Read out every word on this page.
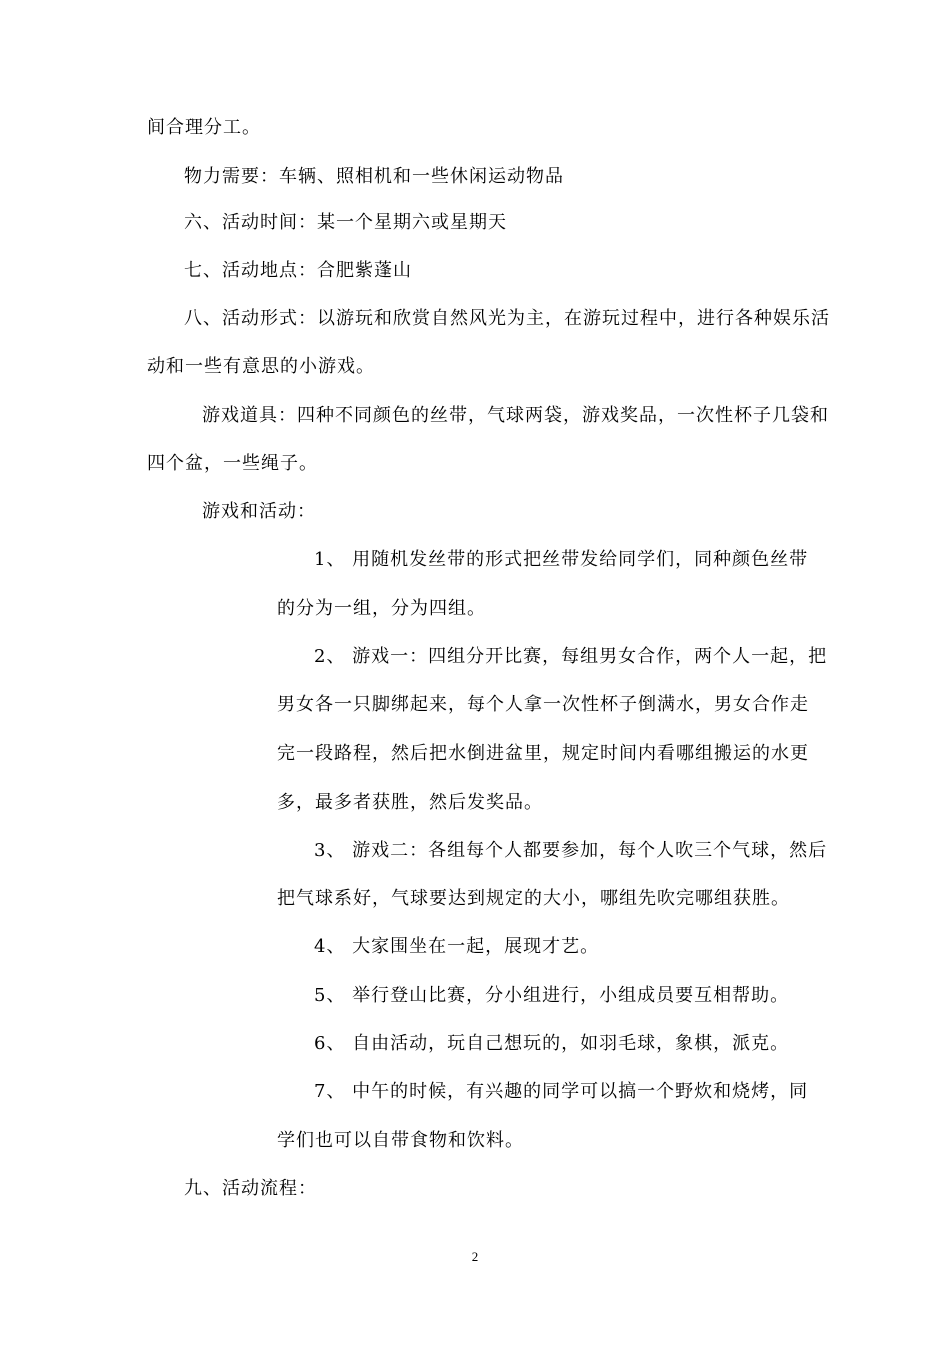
间合理分工。
物力需要：车辆、照相机和一些休闲运动物品
六、活动时间：某一个星期六或星期天
七、活动地点：合肥紫蓬山
八、活动形式：以游玩和欣赏自然风光为主，在游玩过程中，进行各种娱乐活
动和一些有意思的小游戏。
游戏道具：四种不同颜色的丝带，气球两袋，游戏奖品，一次性杯子几袋和
四个盆，一些绳子。
游戏和活动：
1、 用随机发丝带的形式把丝带发给同学们，同种颜色丝带
的分为一组，分为四组。
2、 游戏一：四组分开比赛，每组男女合作，两个人一起，把
男女各一只脚绑起来，每个人拿一次性杯子倒满水，男女合作走
完一段路程，然后把水倒进盆里，规定时间内看哪组搬运的水更
多，最多者获胜，然后发奖品。
3、 游戏二：各组每个人都要参加，每个人吹三个气球，然后
把气球系好，气球要达到规定的大小，哪组先吹完哪组获胜。
4、 大家围坐在一起，展现才艺。
5、 举行登山比赛，分小组进行，小组成员要互相帮助。
6、 自由活动，玩自己想玩的，如羽毛球，象棋，派克。
7、 中午的时候，有兴趣的同学可以搞一个野炊和烧烤，同
学们也可以自带食物和饮料。
九、活动流程：
2
